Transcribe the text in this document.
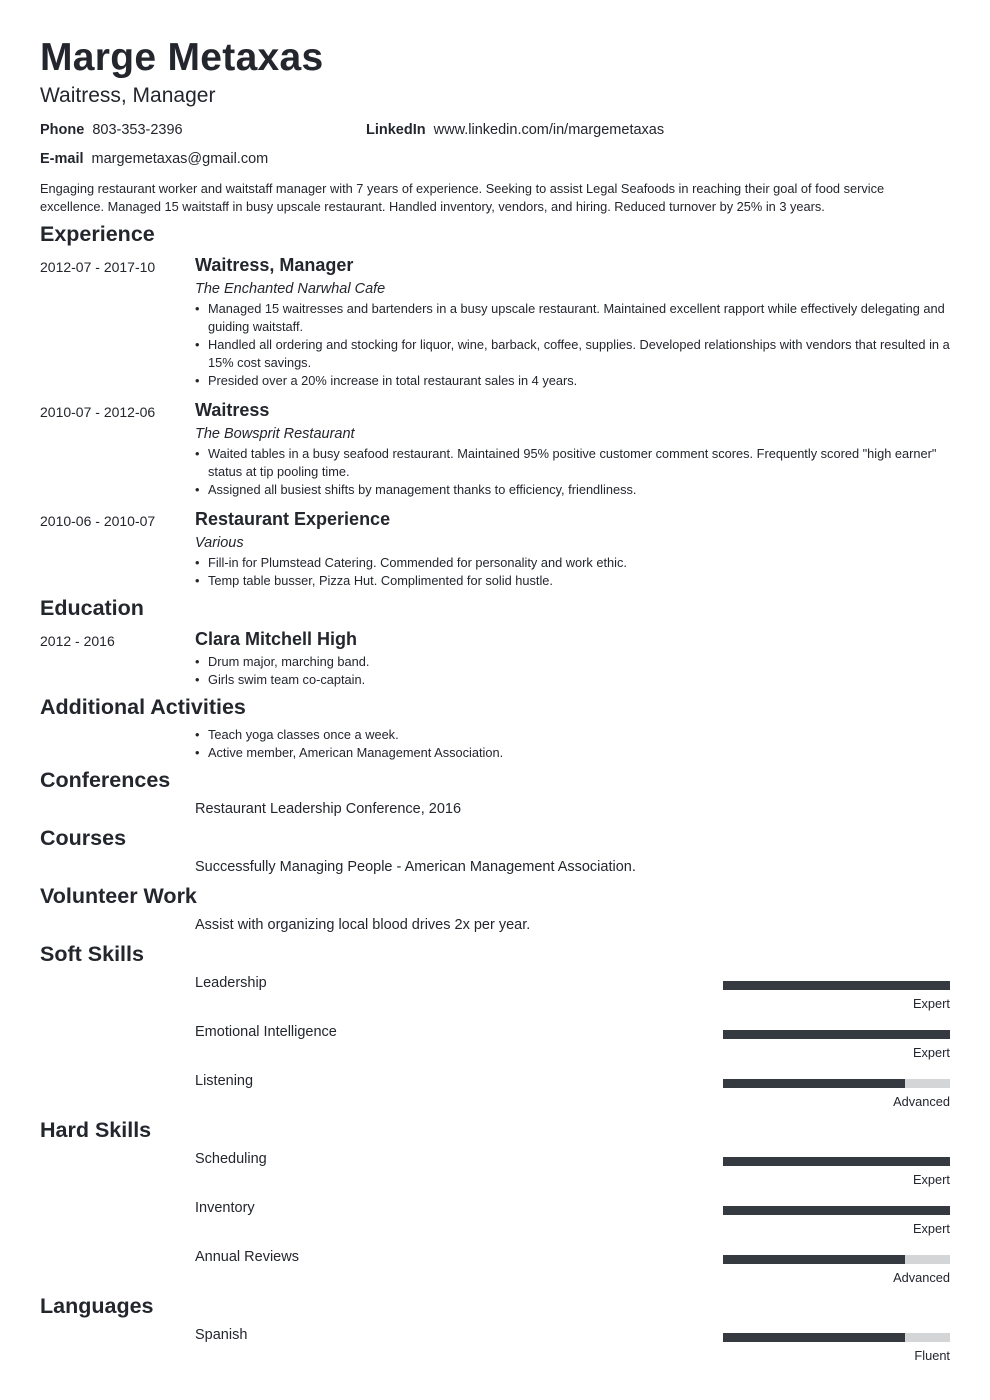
Marge Metaxas
Waitress, Manager
Phone 803-353-2396	LinkedIn www.linkedin.com/in/margemetaxas
E-mail margemetaxas@gmail.com
Engaging restaurant worker and waitstaff manager with 7 years of experience. Seeking to assist Legal Seafoods in reaching their goal of food service excellence. Managed 15 waitstaff in busy upscale restaurant. Handled inventory, vendors, and hiring. Reduced turnover by 25% in 3 years.
Experience
2012-07 - 2017-10 Waitress, Manager
The Enchanted Narwhal Cafe
• Managed 15 waitresses and bartenders in a busy upscale restaurant. Maintained excellent rapport while effectively delegating and guiding waitstaff.
• Handled all ordering and stocking for liquor, wine, barback, coffee, supplies. Developed relationships with vendors that resulted in a 15% cost savings.
• Presided over a 20% increase in total restaurant sales in 4 years.
2010-07 - 2012-06 Waitress
The Bowsprit Restaurant
• Waited tables in a busy seafood restaurant. Maintained 95% positive customer comment scores. Frequently scored "high earner" status at tip pooling time.
• Assigned all busiest shifts by management thanks to efficiency, friendliness.
2010-06 - 2010-07 Restaurant Experience
Various
• Fill-in for Plumstead Catering. Commended for personality and work ethic.
• Temp table busser, Pizza Hut. Complimented for solid hustle.
Education
2012 - 2016	Clara Mitchell High
• Drum major, marching band.
• Girls swim team co-captain.
Additional Activities
• Teach yoga classes once a week.
• Active member, American Management Association.
Conferences
Restaurant Leadership Conference, 2016
Courses
Successfully Managing People - American Management Association.
Volunteer Work
Assist with organizing local blood drives 2x per year.
Soft Skills
Leadership
Expert
Emotional Intelligence
Expert
Listening
Advanced
Hard Skills
Scheduling
Expert
Inventory
Expert
Annual Reviews
Advanced
Languages
Spanish
Fluent
